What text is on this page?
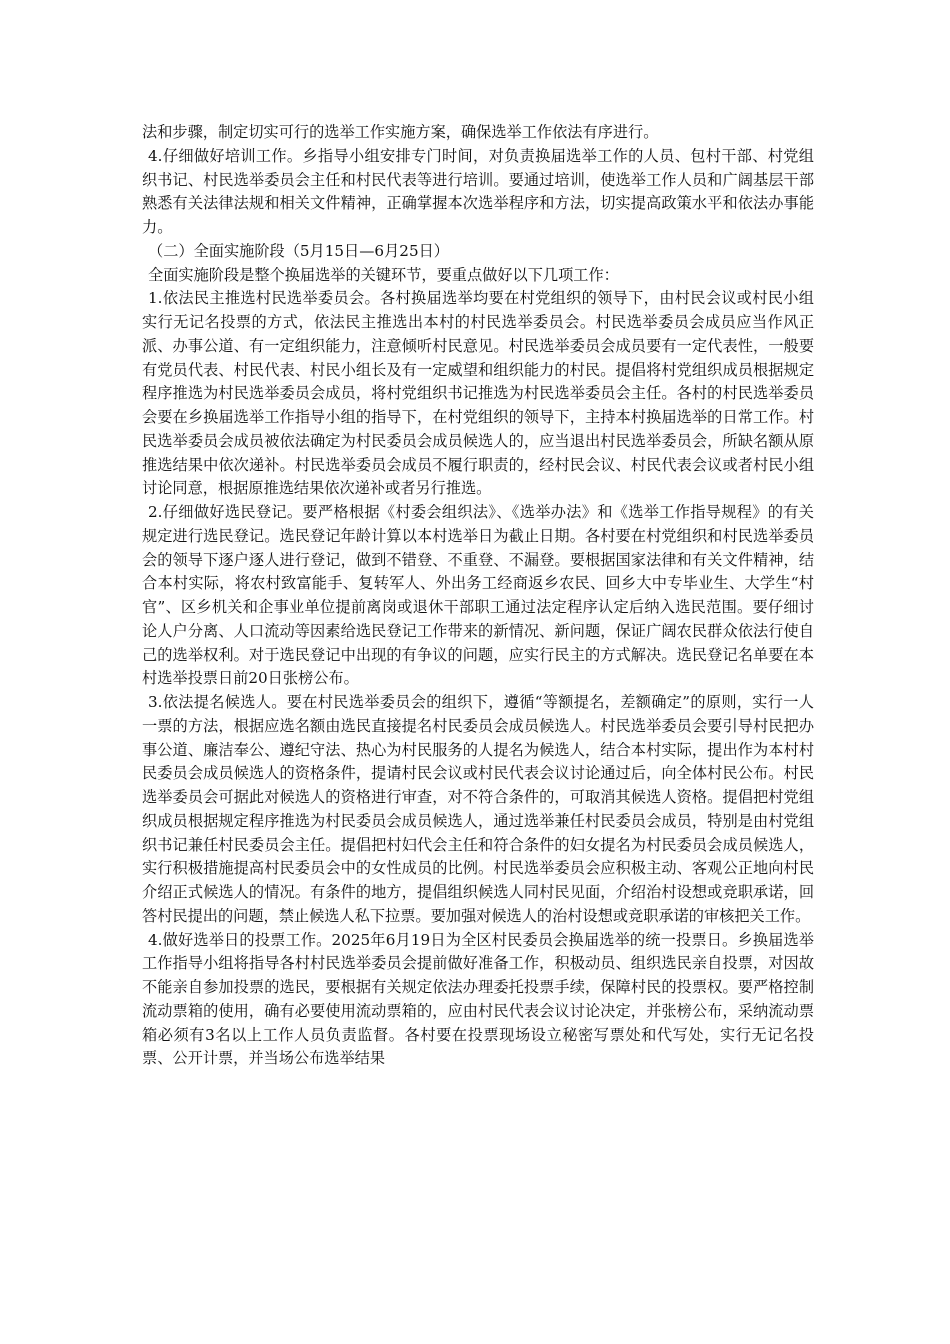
法和步骤，制定切实可行的选举工作实施方案，确保选举工作依法有序进行。

4.仔细做好培训工作。乡指导小组安排专门时间，对负责换届选举工作的人员、包村干部、村党组织书记、村民选举委员会主任和村民代表等进行培训。要通过培训，使选举工作人员和广阔基层干部熟悉有关法律法规和相关文件精神，正确掌握本次选举程序和方法，切实提高政策水平和依法办事能力。

（二）全面实施阶段（5月15日—6月25日）

全面实施阶段是整个换届选举的关键环节，要重点做好以下几项工作：

1.依法民主推选村民选举委员会。各村换届选举均要在村党组织的领导下，由村民会议或村民小组实行无记名投票的方式，依法民主推选出本村的村民选举委员会。村民选举委员会成员应当作风正派、办事公道、有一定组织能力，注意倾听村民意见。村民选举委员会成员要有一定代表性，一般要有党员代表、村民代表、村民小组长及有一定威望和组织能力的村民。提倡将村党组织成员根据规定程序推选为村民选举委员会成员，将村党组织书记推选为村民选举委员会主任。各村的村民选举委员会要在乡换届选举工作指导小组的指导下，在村党组织的领导下，主持本村换届选举的日常工作。村民选举委员会成员被依法确定为村民委员会成员候选人的，应当退出村民选举委员会，所缺名额从原推选结果中依次递补。村民选举委员会成员不履行职责的，经村民会议、村民代表会议或者村民小组讨论同意，根据原推选结果依次递补或者另行推选。

2.仔细做好选民登记。要严格根据《村委会组织法》、《选举办法》和《选举工作指导规程》的有关规定进行选民登记。选民登记年龄计算以本村选举日为截止日期。各村要在村党组织和村民选举委员会的领导下逐户逐人进行登记，做到不错登、不重登、不漏登。要根据国家法律和有关文件精神，结合本村实际，将农村致富能手、复转军人、外出务工经商返乡农民、回乡大中专毕业生、大学生“村官”、区乡机关和企事业单位提前离岗或退休干部职工通过法定程序认定后纳入选民范围。要仔细讨论人户分离、人口流动等因素给选民登记工作带来的新情况、新问题，保证广阔农民群众依法行使自己的选举权利。对于选民登记中出现的有争议的问题，应实行民主的方式解决。选民登记名单要在本村选举投票日前20日张榜公布。

3.依法提名候选人。要在村民选举委员会的组织下，遵循“等额提名，差额确定”的原则，实行一人一票的方法，根据应选名额由选民直接提名村民委员会成员候选人。村民选举委员会要引导村民把办事公道、廉洁奉公、遵纪守法、热心为村民服务的人提名为候选人，结合本村实际，提出作为本村村民委员会成员候选人的资格条件，提请村民会议或村民代表会议讨论通过后，向全体村民公布。村民选举委员会可据此对候选人的资格进行审查，对不符合条件的，可取消其候选人资格。提倡把村党组织成员根据规定程序推选为村民委员会成员候选人，通过选举兼任村民委员会成员，特别是由村党组织书记兼任村民委员会主任。提倡把村妇代会主任和符合条件的妇女提名为村民委员会成员候选人，实行积极措施提高村民委员会中的女性成员的比例。村民选举委员会应积极主动、客观公正地向村民介绍正式候选人的情况。有条件的地方，提倡组织候选人同村民见面，介绍治村设想或竞职承诺，回答村民提出的问题，禁止候选人私下拉票。要加强对候选人的治村设想或竞职承诺的审核把关工作。

4.做好选举日的投票工作。2025年6月19日为全区村民委员会换届选举的统一投票日。乡换届选举工作指导小组将指导各村村民选举委员会提前做好准备工作，积极动员、组织选民亲自投票，对因故不能亲自参加投票的选民，要根据有关规定依法办理委托投票手续，保障村民的投票权。要严格控制流动票箱的使用，确有必要使用流动票箱的，应由村民代表会议讨论决定，并张榜公布，采纳流动票箱必须有3名以上工作人员负责监督。各村要在投票现场设立秘密写票处和代写处，实行无记名投票、公开计票，并当场公布选举结果
